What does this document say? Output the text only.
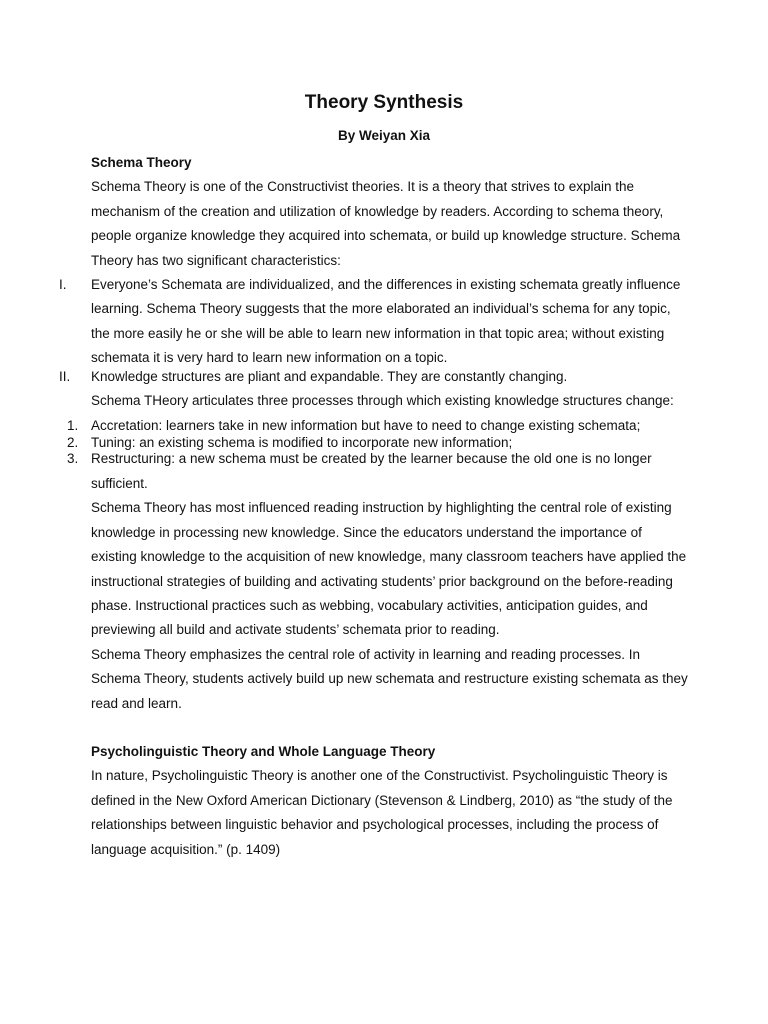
Theory Synthesis

By Weiyan Xia

Schema Theory

Schema Theory is one of the Constructivist theories. It is a theory that strives to explain the mechanism of the creation and utilization of knowledge by readers. According to schema theory, people organize knowledge they acquired into schemata, or build up knowledge structure. Schema Theory has two significant characteristics:

I.	Everyone’s Schemata are individualized, and the differences in existing schemata greatly influence learning. Schema Theory suggests that the more elaborated an individual’s schema for any topic, the more easily he or she will be able to learn new information in that topic area; without existing schemata it is very hard to learn new information on a topic.
II.	Knowledge structures are pliant and expandable. They are constantly changing.

Schema THeory articulates three processes through which existing knowledge structures change:

1. Accretation: learners take in new information but have to need to change existing schemata;
2. Tuning: an existing schema is modified to incorporate new information;
3. Restructuring: a new schema must be created by the learner because the old one is no longer sufficient.

Schema Theory has most influenced reading instruction by highlighting the central role of existing knowledge in processing new knowledge. Since the educators understand the importance of existing knowledge to the acquisition of new knowledge, many classroom teachers have applied the instructional strategies of building and activating students’ prior background on the before-reading phase. Instructional practices such as webbing, vocabulary activities, anticipation guides, and previewing all build and activate students’ schemata prior to reading.

Schema Theory emphasizes the central role of activity in learning and reading processes. In Schema Theory, students actively build up new schemata and restructure existing schemata as they read and learn.

Psycholinguistic Theory and Whole Language Theory

In nature, Psycholinguistic Theory is another one of the Constructivist. Psycholinguistic Theory is defined in the New Oxford American Dictionary (Stevenson & Lindberg, 2010) as “the study of the relationships between linguistic behavior and psychological processes, including the process of language acquisition.” (p. 1409)
